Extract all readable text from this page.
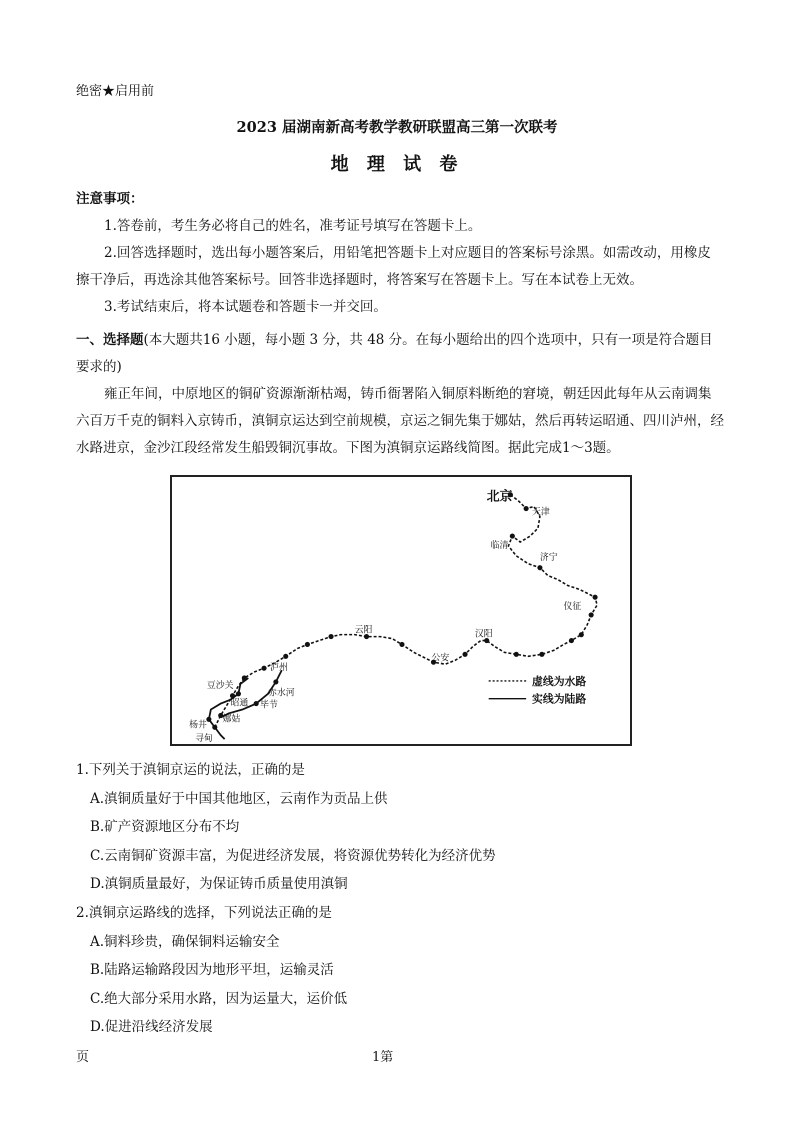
绝密★启用前
2023 届湖南新高考教学教研联盟高三第一次联考
地 理 试 卷
注意事项：

1.答卷前，考生务必将自己的姓名，准考证号填写在答题卡上。

2.回答选择题时，选出每小题答案后，用铅笔把答题卡上对应题目的答案标号涂黑。如需改动，用橡皮擦干净后，再选涂其他答案标号。回答非选择题时，将答案写在答题卡上。写在本试卷上无效。

3.考试结束后，将本试题卷和答题卡一并交回。

一、选择题(本大题共16 小题，每小题 3 分，共 48 分。在每小题给出的四个选项中，只有一项是符合题目要求的)

雍正年间，中原地区的铜矿资源渐渐枯竭，铸币衙署陷入铜原料断绝的窘境，朝廷因此每年从云南调集六百万千克的铜料入京铸币，滇铜京运达到空前规模，京运之铜先集于娜姑，然后再转运昭通、四川泸州，经水路进京，金沙江段经常发生船毁铜沉事故。下图为滇铜京运路线简图。据此完成1～3题。

北京
天津
临清
济宁
仪征
汉阳
公安
云阳
泸州
豆沙关
昭通
赤水河
毕节
杨井
娜姑
寻甸
虚线为水路
实线为陆路

1.下列关于滇铜京运的说法，正确的是

A.滇铜质量好于中国其他地区，云南作为贡品上供

B.矿产资源地区分布不均

C.云南铜矿资源丰富，为促进经济发展，将资源优势转化为经济优势

D.滇铜质量最好，为保证铸币质量使用滇铜

2.滇铜京运路线的选择，下列说法正确的是

A.铜料珍贵，确保铜料运输安全

B.陆路运输路段因为地形平坦，运输灵活

C.绝大部分采用水路，因为运量大，运价低

D.促进沿线经济发展

页	1第
